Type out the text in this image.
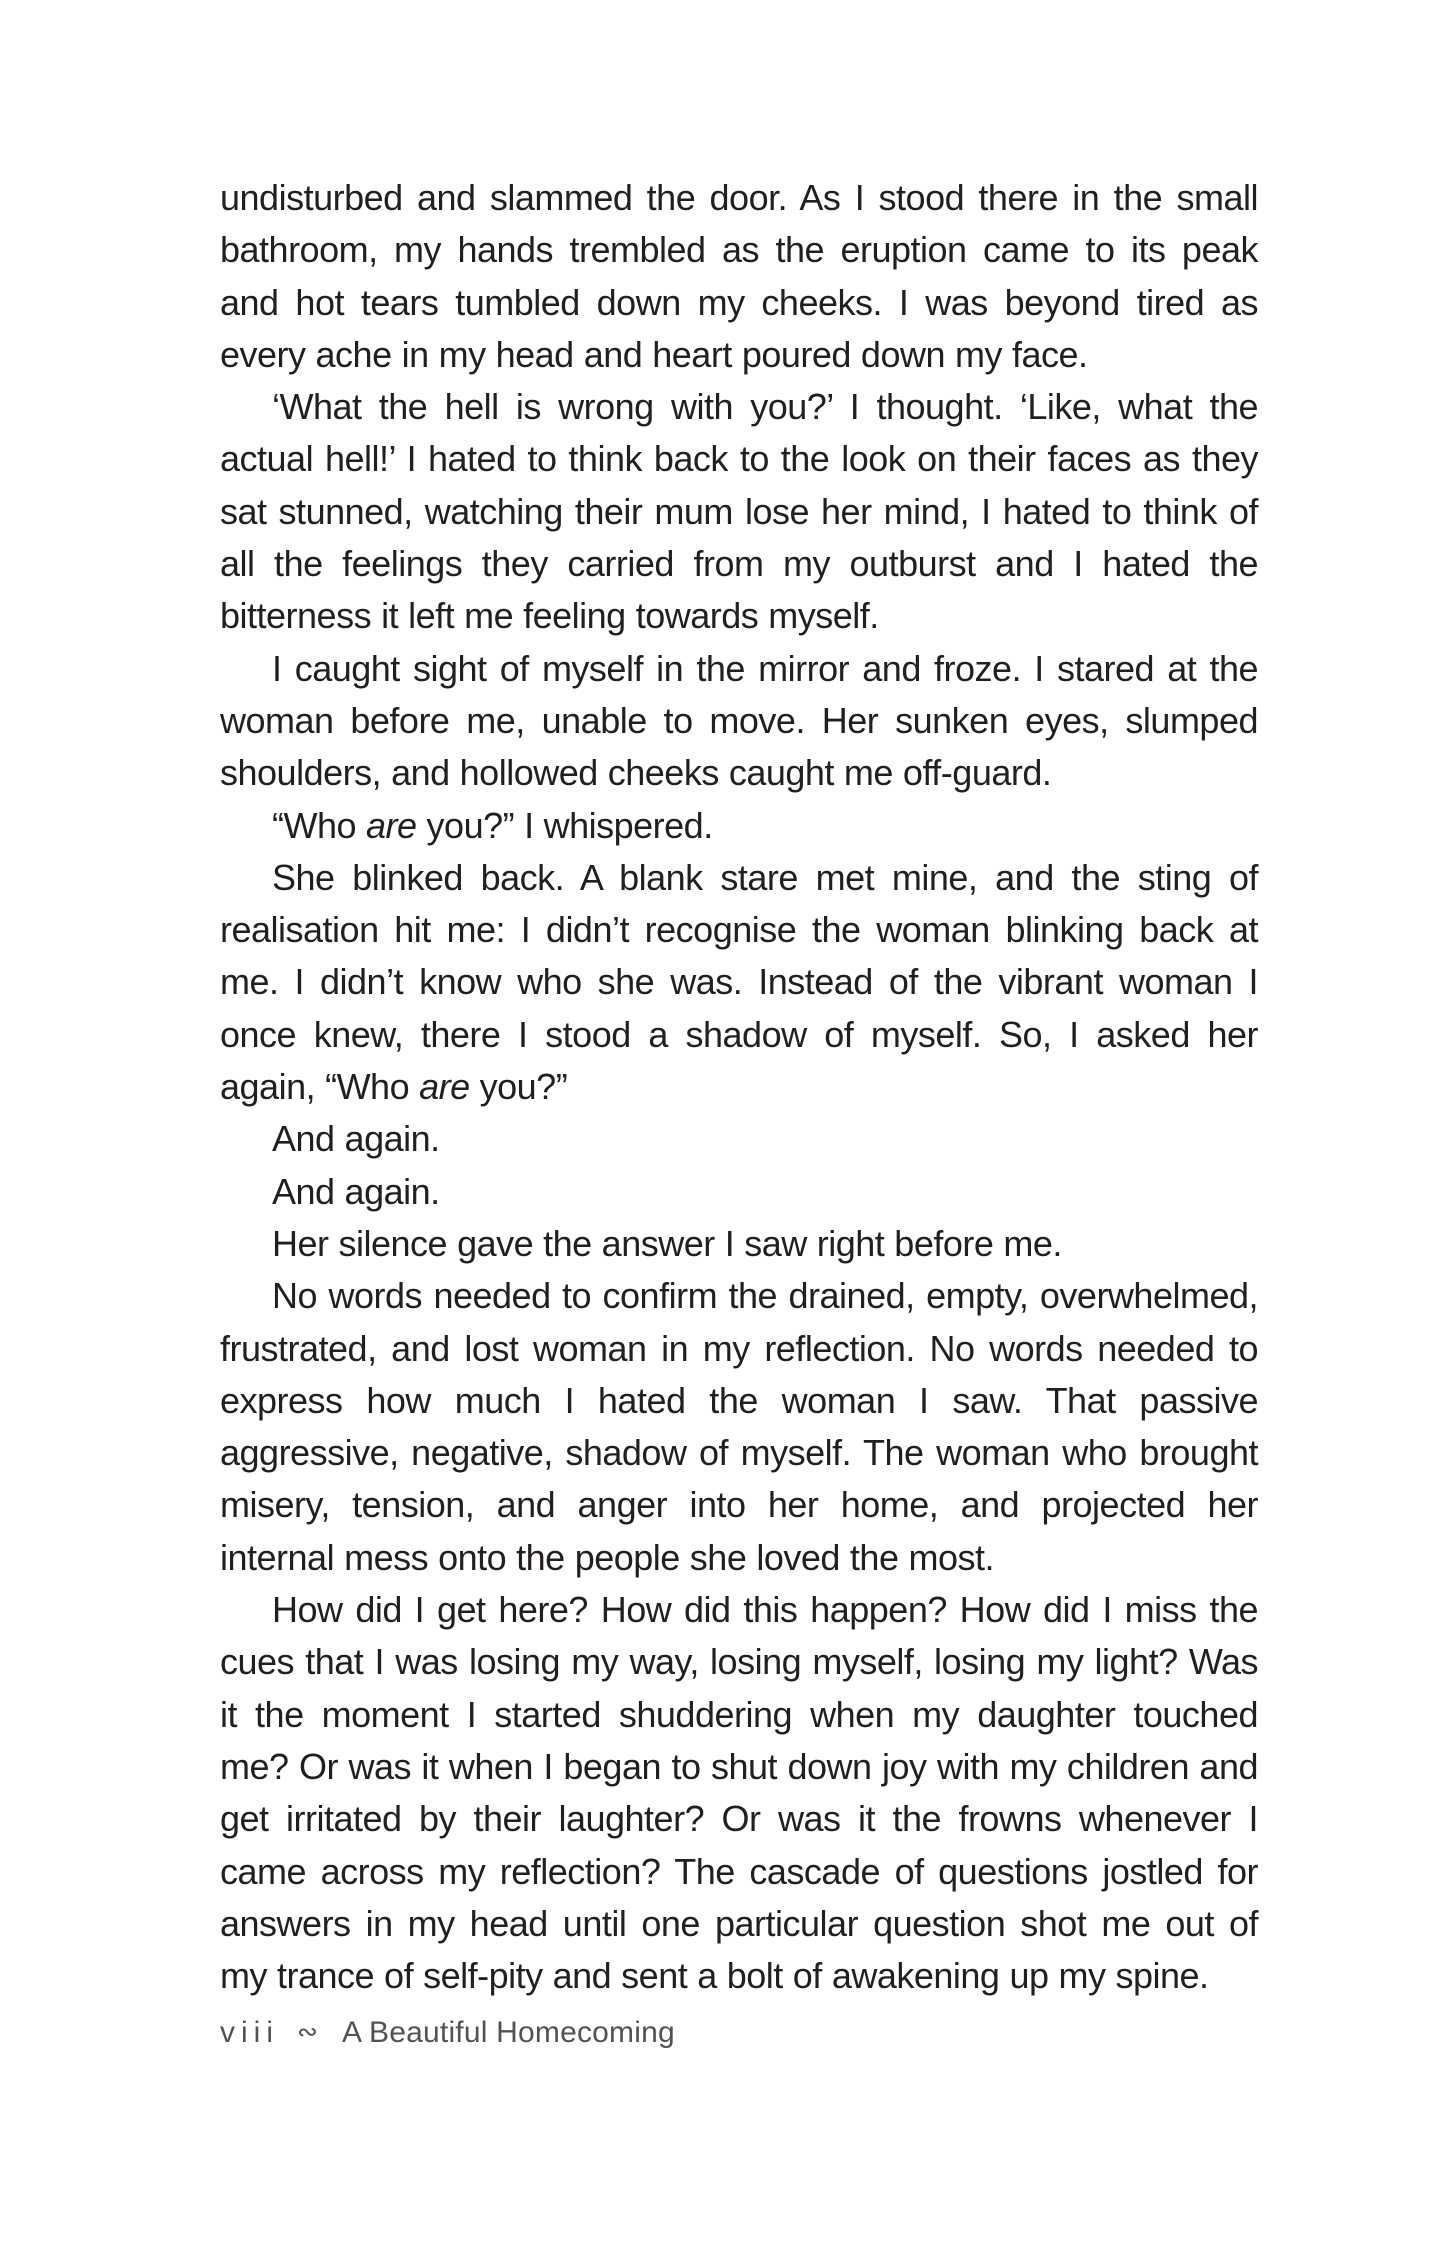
undisturbed and slammed the door. As I stood there in the small bathroom, my hands trembled as the eruption came to its peak and hot tears tumbled down my cheeks. I was beyond tired as every ache in my head and heart poured down my face.

‘What the hell is wrong with you?’ I thought. ‘Like, what the actual hell!’ I hated to think back to the look on their faces as they sat stunned, watching their mum lose her mind, I hated to think of all the feelings they carried from my outburst and I hated the bitterness it left me feeling towards myself.

I caught sight of myself in the mirror and froze. I stared at the woman before me, unable to move. Her sunken eyes, slumped shoulders, and hollowed cheeks caught me off-guard.

“Who are you?” I whispered.

She blinked back. A blank stare met mine, and the sting of realisation hit me: I didn’t recognise the woman blinking back at me. I didn’t know who she was. Instead of the vibrant woman I once knew, there I stood a shadow of myself. So, I asked her again, “Who are you?”

And again.

And again.

Her silence gave the answer I saw right before me.

No words needed to confirm the drained, empty, overwhelmed, frustrated, and lost woman in my reflection. No words needed to express how much I hated the woman I saw. That passive aggressive, negative, shadow of myself. The woman who brought misery, tension, and anger into her home, and projected her internal mess onto the people she loved the most.

How did I get here? How did this happen? How did I miss the cues that I was losing my way, losing myself, losing my light? Was it the moment I started shuddering when my daughter touched me? Or was it when I began to shut down joy with my children and get irritated by their laughter? Or was it the frowns whenever I came across my reflection? The cascade of questions jostled for answers in my head until one particular question shot me out of my trance of self-pity and sent a bolt of awakening up my spine.

viii ∾ A Beautiful Homecoming
